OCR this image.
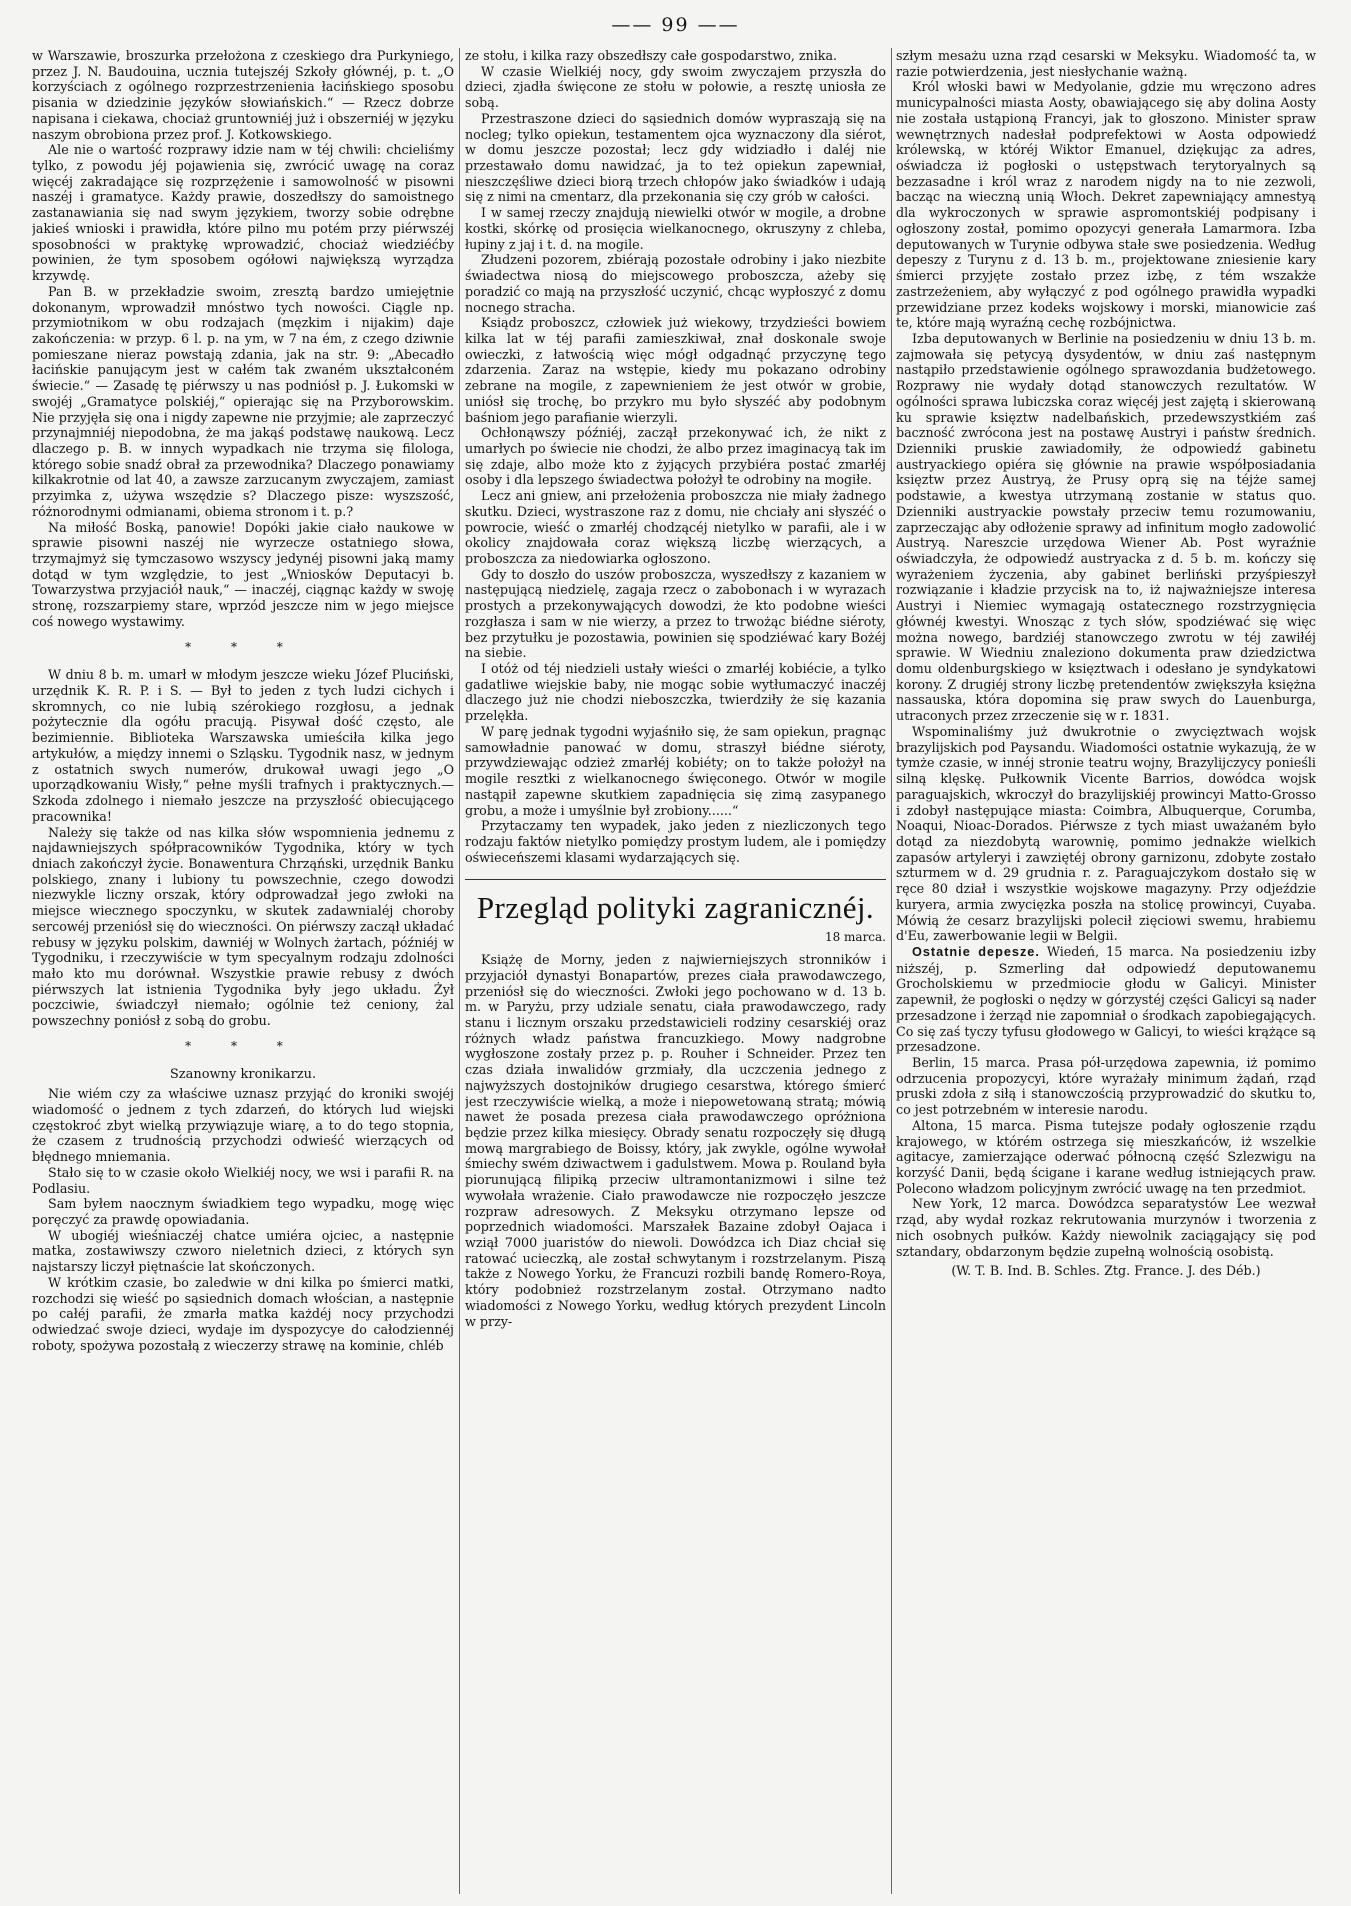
—— 99 ——

w Warszawie, broszurka przełożona z czeskiego dra Purkyniego, przez J. N. Baudouina, ucznia tutejszéj Szkoły głównéj, p. t. „O korzyściach z ogólnego rozprzestrzenienia łacińskiego sposobu pisania w dziedzinie języków słowiańskich.“ — Rzecz dobrze napisana i ciekawa, chociaż gruntowniéj już i obszerniéj w języku naszym obrobiona przez prof. J. Kotkowskiego.

Ale nie o wartość rozprawy idzie nam w téj chwili: chcieliśmy tylko, z powodu jéj pojawienia się, zwrócić uwagę na coraz więcéj zakradające się rozprzężenie i samowolność w pisowni naszéj i gramatyce. Każdy prawie, doszedłszy do samoistnego zastanawiania się nad swym językiem, tworzy sobie odrębne jakieś wnioski i prawidła, które pilno mu potém przy piérwszéj sposobności w praktykę wprowadzić, chociaż wiedziéćby powinien, że tym sposobem ogółowi największą wyrządza krzywdę.

Pan B. w przekładzie swoim, zresztą bardzo umiejętnie dokonanym, wprowadził mnóstwo tych nowości. Ciągle np. przymiotnikom w obu rodzajach (męzkim i nijakim) daje zakończenia: w przyp. 6 l. p. na ym, w 7 na ém, z czego dziwnie pomieszane nieraz powstają zdania, jak na str. 9: „Abecadło łacińskie panującym jest w całém tak zwaném ukształconém świecie.“ — Zasadę tę piérwszy u nas podniósł p. J. Łukomski w swojéj „Gramatyce polskiéj,“ opierając się na Przyborowskim. Nie przyjęła się ona i nigdy zapewne nie przyjmie; ale zaprzeczyć przynajmniéj niepodobna, że ma jakąś podstawę naukową. Lecz dlaczego p. B. w innych wypadkach nie trzyma się filologa, którego sobie snadź obrał za przewodnika? Dlaczego ponawiamy kilkakrotnie od lat 40, a zawsze zarzucanym zwyczajem, zamiast przyimka z, używa wszędzie s? Dlaczego pisze: wyszszość, różnorodnymi odmianami, obiema stronom i t. p.?

Na miłość Boską, panowie! Dopóki jakie ciało naukowe w sprawie pisowni naszéj nie wyrzecze ostatniego słowa, trzymajmyż się tymczasowo wszyscy jedynéj pisowni jaką mamy dotąd w tym względzie, to jest „Wniosków Deputacyi b. Towarzystwa przyjaciół nauk,“ — inaczéj, ciągnąc każdy w swoję stronę, rozszarpiemy stare, wprzód jeszcze nim w jego miejsce coś nowego wystawimy.

* * *

W dniu 8 b. m. umarł w młodym jeszcze wieku Józef Pluciński, urzędnik K. R. P. i S. — Był to jeden z tych ludzi cichych i skromnych, co nie lubią szérokiego rozgłosu, a jednak pożytecznie dla ogółu pracują. Pisywał dość często, ale bezimiennie. Biblioteka Warszawska umieściła kilka jego artykułów, a między innemi o Szląsku. Tygodnik nasz, w jednym z ostatnich swych numerów, drukował uwagi jego „O uporządkowaniu Wisły,“ pełne myśli trafnych i praktycznych.—Szkoda zdolnego i niemało jeszcze na przyszłość obiecującego pracownika!

Należy się także od nas kilka słów wspomnienia jednemu z najdawniejszych spółpracowników Tygodnika, który w tych dniach zakończył życie. Bonawentura Chrząński, urzędnik Banku polskiego, znany i lubiony tu powszechnie, czego dowodzi niezwykle liczny orszak, który odprowadzał jego zwłoki na miejsce wiecznego spoczynku, w skutek zadawnialéj choroby sercowéj przeniósł się do wieczności. On piérwszy zaczął układać rebusy w języku polskim, dawniéj w Wolnych żartach, późniéj w Tygodniku, i rzeczywiście w tym specyalnym rodzaju zdolności mało kto mu dorównał. Wszystkie prawie rebusy z dwóch piérwszych lat istnienia Tygodnika były jego układu. Żył poczciwie, świadczył niemało; ogólnie też ceniony, żal powszechny poniósł z sobą do grobu.

* * *
Szanowny kronikarzu.

Nie wiém czy za właściwe uznasz przyjąć do kroniki swojéj wiadomość o jednem z tych zdarzeń, do których lud wiejski częstokroć zbyt wielką przywiązuje wiarę, a to do tego stopnia, że czasem z trudnością przychodzi odwieść wierzących od błędnego mniemania.

Stało się to w czasie około Wielkiéj nocy, we wsi i parafii R. na Podlasiu.

Sam byłem naocznym świadkiem tego wypadku, mogę więc poręczyć za prawdę opowiadania.

W ubogiéj wieśniaczéj chatce umiéra ojciec, a następnie matka, zostawiwszy czworo nieletnich dzieci, z których syn najstarszy liczył piętnaście lat skończonych.

W krótkim czasie, bo zaledwie w dni kilka po śmierci matki, rozchodzi się wieść po sąsiednich domach włościan, a następnie po całéj parafii, że zmarła matka każdéj nocy przychodzi odwiedzać swoje dzieci, wydaje im dyspozycye do całodziennéj roboty, spożywa pozostałą z wieczerzy strawę na kominie, chléb

ze stołu, i kilka razy obszedłszy całe gospodarstwo, znika.

W czasie Wielkiéj nocy, gdy swoim zwyczajem przyszła do dzieci, zjadła święcone ze stołu w połowie, a resztę uniosła ze sobą.

Przestraszone dzieci do sąsiednich domów wypraszają się na nocleg; tylko opiekun, testamentem ojca wyznaczony dla siérot, w domu jeszcze pozostał; lecz gdy widziadło i daléj nie przestawało domu nawidzać, ja to też opiekun zapewniał, nieszczęśliwe dzieci biorą trzech chłopów jako świadków i udają się z nimi na cmentarz, dla przekonania się czy grób w całości.

I w samej rzeczy znajdują niewielki otwór w mogile, a drobne kostki, skórkę od prosięcia wielkanocnego, okruszyny z chleba, łupiny z jaj i t. d. na mogile.

Złudzeni pozorem, zbiérają pozostałe odrobiny i jako niezbite świadectwa niosą do miejscowego proboszcza, ażeby się poradzić co mają na przyszłość uczynić, chcąc wypłoszyć z domu nocnego stracha.

Ksiądz proboszcz, człowiek już wiekowy, trzydzieści bowiem kilka lat w téj parafii zamieszkiwał, znał doskonale swoje owieczki, z łatwością więc mógł odgadnąć przyczynę tego zdarzenia. Zaraz na wstępie, kiedy mu pokazano odrobiny zebrane na mogile, z zapewnieniem że jest otwór w grobie, uniósł się trochę, bo przykro mu było słyszéć aby podobnym baśniom jego parafianie wierzyli.

Ochłonąwszy późniéj, zaczął przekonywać ich, że nikt z umarłych po świecie nie chodzi, że albo przez imaginacyą tak im się zdaje, albo może kto z żyjących przybiéra postać zmarłéj osoby i dla lepszego świadectwa położył te odrobiny na mogiłe.

Lecz ani gniew, ani przełożenia proboszcza nie miały żadnego skutku. Dzieci, wystraszone raz z domu, nie chciały ani słyszéć o powrocie, wieść o zmarłéj chodzącéj nietylko w parafii, ale i w okolicy znajdowała coraz większą liczbę wierzących, a proboszcza za niedowiarka ogłoszono.

Gdy to doszło do uszów proboszcza, wyszedłszy z kazaniem w następującą niedzielę, zagaja rzecz o zabobonach i w wyrazach prostych a przekonywających dowodzi, że kto podobne wieści rozgłasza i sam w nie wierzy, a przez to trwożąc biédne siéroty, bez przytułku je pozostawia, powinien się spodziéwać kary Bożéj na siebie.

I otóż od téj niedzieli ustały wieści o zmarłéj kobiécie, a tylko gadatliwe wiejskie baby, nie mogąc sobie wytłumaczyć inaczéj dlaczego już nie chodzi nieboszczka, twierdziły że się kazania przelękła.

W parę jednak tygodni wyjaśniło się, że sam opiekun, pragnąc samowładnie panować w domu, straszył biédne siéroty, przywdziewając odzież zmarłéj kobiéty; on to także położył na mogile resztki z wielkanocnego święconego. Otwór w mogile nastąpił zapewne skutkiem zapadnięcia się zimą zasypanego grobu, a może i umyślnie był zrobiony......“

Przytaczamy ten wypadek, jako jeden z niezliczonych tego rodzaju faktów nietylko pomiędzy prostym ludem, ale i pomiędzy oświeceńszemi klasami wydarzających się.

Przegląd polityki zagranicznéj.
18 marca.

Książę de Morny, jeden z najwierniejszych stronników i przyjaciół dynastyi Bonapartów, prezes ciała prawodawczego, przeniósł się do wieczności. Zwłoki jego pochowano w d. 13 b. m. w Paryżu, przy udziale senatu, ciała prawodawczego, rady stanu i licznym orszaku przedstawicieli rodziny cesarskiéj oraz różnych władz państwa francuzkiego. Mowy nadgrobne wygłoszone zostały przez p. p. Rouher i Schneider. Przez ten czas działa inwalidów grzmiały, dla uczczenia jednego z najwyższych dostojników drugiego cesarstwa, którego śmierć jest rzeczywiście wielką, a może i niepowetowaną stratą; mówią nawet że posada prezesa ciała prawodawczego opróżniona będzie przez kilka miesięcy. Obrady senatu rozpoczęły się długą mową margrabiego de Boissy, który, jak zwykle, ogólne wywołał śmiechy swém dziwactwem i gadulstwem. Mowa p. Rouland była piorunującą filipiką przeciw ultramontanizmowi i silne też wywołała wrażenie. Ciało prawodawcze nie rozpoczęło jeszcze rozpraw adresowych. Z Meksyku otrzymano lepsze od poprzednich wiadomości. Marszałek Bazaine zdobył Oajaca i wziął 7000 juaristów do niewoli. Dowódzca ich Diaz chciał się ratować ucieczką, ale został schwytanym i rozstrzelanym. Piszą także z Nowego Yorku, że Francuzi rozbili bandę Romero-Roya, który podobnież rozstrzelanym został. Otrzymano nadto wiadomości z Nowego Yorku, według których prezydent Lincoln w przy-

szłym mesażu uzna rząd cesarski w Meksyku. Wiadomość ta, w razie potwierdzenia, jest niesłychanie ważną.

Król włoski bawi w Medyolanie, gdzie mu wręczono adres municypalności miasta Aosty, obawiającego się aby dolina Aosty nie została ustąpioną Francyi, jak to głoszono. Minister spraw wewnętrznych nadesłał podprefektowi w Aosta odpowiedź królewską, w któréj Wiktor Emanuel, dziękując za adres, oświadcza iż pogłoski o ustępstwach terytoryalnych są bezzasadne i król wraz z narodem nigdy na to nie zezwoli, bacząc na wieczną unią Włoch. Dekret zapewniający amnestyą dla wykroczonych w sprawie aspromontskiéj podpisany i ogłoszony został, pomimo opozycyi generała Lamarmora. Izba deputowanych w Turynie odbywa stałe swe posiedzenia. Według depeszy z Turynu z d. 13 b. m., projektowane zniesienie kary śmierci przyjęte zostało przez izbę, z tém wszakże zastrzeżeniem, aby wyłączyć z pod ogólnego prawidła wypadki przewidziane przez kodeks wojskowy i morski, mianowicie zaś te, które mają wyraźną cechę rozbójnictwa.

Izba deputowanych w Berlinie na posiedzeniu w dniu 13 b. m. zajmowała się petycyą dysydentów, w dniu zaś następnym nastąpiło przedstawienie ogólnego sprawozdania budżetowego. Rozprawy nie wydały dotąd stanowczych rezultatów. W ogólności sprawa lubiczska coraz więcéj jest zajętą i skierowaną ku sprawie księztw nadelbańskich, przedewszystkiém zaś baczność zwrócona jest na postawę Austryi i państw średnich. Dzienniki pruskie zawiadomiły, że odpowiedź gabinetu austryackiego opiéra się głównie na prawie współposiadania księztw przez Austryą, że Prusy oprą się na téjże samej podstawie, a kwestya utrzymaną zostanie w status quo. Dzienniki austryackie powstały przeciw temu rozumowaniu, zaprzeczając aby odłożenie sprawy ad infinitum mogło zadowolić Austryą. Nareszcie urzędowa Wiener Ab. Post wyraźnie oświadczyła, że odpowiedź austryacka z d. 5 b. m. kończy się wyrażeniem życzenia, aby gabinet berliński przyśpieszył rozwiązanie i kładzie przycisk na to, iż najważniejsze interesa Austryi i Niemiec wymagają ostatecznego rozstrzygnięcia głównéj kwestyi. Wnosząc z tych słów, spodziéwać się więc można nowego, bardziéj stanowczego zwrotu w téj zawiłéj sprawie. W Wiedniu znaleziono dokumenta praw dziedzictwa domu oldenburgskiego w księztwach i odesłano je syndykatowi korony. Z drugiéj strony liczbę pretendentów zwiększyła księżna nassauska, która dopomina się praw swych do Lauenburga, utraconych przez zrzeczenie się w r. 1831.

Wspominaliśmy już dwukrotnie o zwycięztwach wojsk brazylijskich pod Paysandu. Wiadomości ostatnie wykazują, że w tymże czasie, w innéj stronie teatru wojny, Brazylijczycy ponieśli silną klęskę. Pułkownik Vicente Barrios, dowódca wojsk paraguajskich, wkroczył do brazylijskiéj prowincyi Matto-Grosso i zdobył następujące miasta: Coimbra, Albuquerque, Corumba, Noaqui, Nioac-Dorados. Piérwsze z tych miast uważaném było dotąd za niezdobytą warownię, pomimo jednakże wielkich zapasów artyleryi i zawziętéj obrony garnizonu, zdobyte zostało szturmem w d. 29 grudnia r. z. Paraguajczykom dostało się w ręce 80 dział i wszystkie wojskowe magazyny. Przy odjeździe kuryera, armia zwycięzka poszła na stolicę prowincyi, Cuyaba. Mówią że cesarz brazylijski polecił zięciowi swemu, hrabiemu d'Eu, zawerbowanie legii w Belgii.

Ostatnie depesze. Wiedeń, 15 marca. Na posiedzeniu izby niższéj, p. Szmerling dał odpowiedź deputowanemu Grocholskiemu w przedmiocie głodu w Galicyi. Minister zapewnił, że pogłoski o nędzy w górzystéj części Galicyi są nader przesadzone i żerząd nie zapomniał o środkach zapobiegających. Co się zaś tyczy tyfusu głodowego w Galicyi, to wieści krążące są przesadzone.

Berlin, 15 marca. Prasa pół-urzędowa zapewnia, iż pomimo odrzucenia propozycyi, które wyrażały minimum żądań, rząd pruski zdoła z siłą i stanowczością przyprowadzić do skutku to, co jest potrzebném w interesie narodu.

Altona, 15 marca. Pisma tutejsze podały ogłoszenie rządu krajowego, w którém ostrzega się mieszkańców, iż wszelkie agitacye, zamierzające oderwać północną część Szlezwigu na korzyść Danii, będą ścigane i karane według istniejących praw. Polecono władzom policyjnym zwrócić uwagę na ten przedmiot.

New York, 12 marca. Dowódzca separatystów Lee wezwał rząd, aby wydał rozkaz rekrutowania murzynów i tworzenia z nich osobnych pułków. Każdy niewolnik zaciągający się pod sztandary, obdarzonym będzie zupełną wolnością osobistą.

(W. T. B. Ind. B. Schles. Ztg. France. J. des Déb.)
